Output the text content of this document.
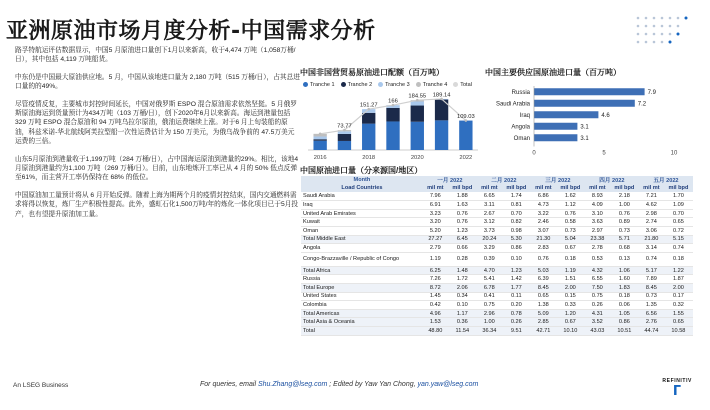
亚洲原油市场月度分析-中国需求分析

路孚特航运评估数据显示，中国5 月原油进口量创下1月以来新高，收于4,474 万吨（1,058万桶/日），其中包括 4,119 万吨船货。

中东仍是中国最大原油供应地。5 月，中国从该地进口量为 2,180 万吨（515 万桶/日），占其总进口量的的49%。

尽管疫情反复，主要城市封控时间延长，中国对俄罗斯 ESPO 混合原油需求依然坚挺。5 月俄罗斯原油海运到货量预计为434万吨（103 万桶/日），创下2020年6月以来新高。海运到港量包括 329 万吨 ESPO 混合原油和 94 万吨乌拉尔原油，俄油运费继续上涨。对于6 月上旬装船的原油，科兹米诺-华北航线阿芙拉型船一次性运费估计为 150 万美元，为俄乌战争前的 47.5万美元运费的三倍。

山东5月原油到港量收于1,199万吨（284 万桶/日），占中国海运原油到港量的29%。相比，该地4月原油到港量约为1,100 万吨（269 万桶/日）。目前，山东地炼开工率已从 4 月的 50% 低点反弹至61%，而主营开工率仍保持在 68% 的低位。

中国原油加工量预计将从 6 月开始反弹。随着上海为期两个月的疫情封控结束，国内交通燃料需求将得以恢复，炼厂生产积极性提高。此外，盛虹石化1,500万吨/年的炼化一体化项目已于5月投产，也有望提升原油加工量。

中国非国营贸易原油进口配额（百万吨）
Tranche 1	Tranche 2	Tranche 3	Tranche 4	Total
73.77
151.27
166
184.55 189.14
109.03
2016	2018	2020	2022
中国主要供应国原油进口量（百万吨）
Russia	7.9
Saudi Arabia	7.2
Iraq	4.6
Angola	3.1
Oman	3.1
0	5	10
中国原油进口量（分来源国/地区）
Month	一月 2022		二月 2022		三月 2022		四月 2022		五月 2022	
Load Countries	mil mt	mil bpd	mil mt	mil bpd	mil mt	mil bpd	mil mt	mil bpd	mil mt	mil bpd
Saudi Arabia	7.96	1.88	6.65	1.74	6.86	1.62	8.93	2.18	7.21	1.70
Iraq	6.91	1.63	3.11	0.81	4.73	1.12	4.09	1.00	4.62	1.09
United Arab Emirates	3.23	0.76	2.67	0.70	3.22	0.76	3.10	0.76	2.98	0.70
Kuwait	3.20	0.76	3.12	0.82	2.46	0.58	3.63	0.89	2.74	0.65
Oman	5.20	1.23	3.73	0.98	3.07	0.73	2.97	0.73	3.06	0.72
Total Middle East	27.27	6.45	20.24	5.30	21.30	5.04	23.38	5.71	21.80	5.15
Angola	2.79	0.66	3.29	0.86	2.83	0.67	2.78	0.68	3.14	0.74
Congo-Brazzaville / Republic of Congo	1.19	0.28	0.39	0.10	0.76	0.18	0.53	0.13	0.74	0.18
Total Africa	6.25	1.48	4.70	1.23	5.03	1.19	4.32	1.06	5.17	1.22
Russia	7.26	1.72	5.41	1.42	6.39	1.51	6.55	1.60	7.89	1.87
Total Europe	8.72	2.06	6.78	1.77	8.45	2.00	7.50	1.83	8.45	2.00
United States	1.45	0.34	0.41	0.11	0.65	0.15	0.75	0.18	0.73	0.17
Colombia	0.42	0.10	0.75	0.20	1.38	0.33	0.26	0.06	1.35	0.32
Total Americas	4.96	1.17	2.96	0.78	5.09	1.20	4.31	1.05	6.56	1.55
Total Asia & Oceania	1.53	0.36	1.00	0.26	2.85	0.67	3.52	0.86	2.76	0.65
Total	48.80	11.54	36.34	9.51	42.71	10.10	43.03	10.51	44.74	10.58
An LSEG Business	For queries, email Shu.Zhang@lseg.com ; Edited by Yaw Yan Chong, yan.yaw@lseg.com	REFINITIV
ᒥ
